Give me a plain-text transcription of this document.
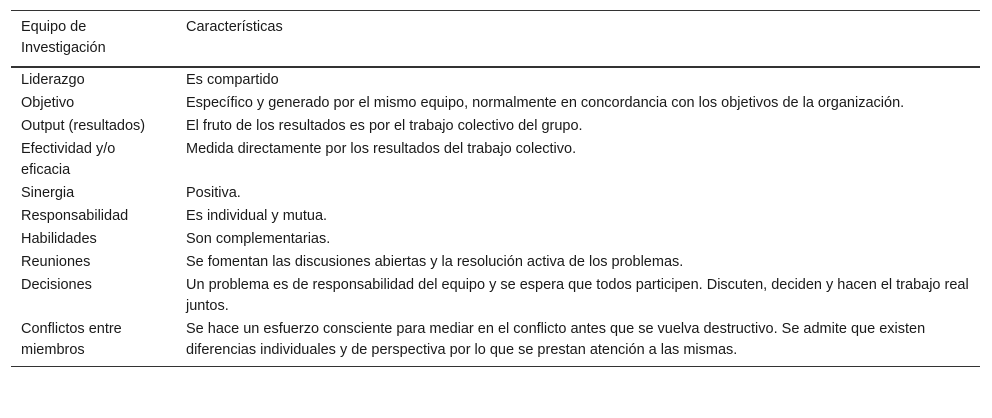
Equipo de Investigación	Características
Liderazgo	Es compartido
Objetivo	Específico y generado por el mismo equipo, normalmente en concordancia con los objetivos de la organización.
Output (resultados)	El fruto de los resultados es por el trabajo colectivo del grupo.
Efectividad y/o eficacia	Medida directamente por los resultados del trabajo colectivo.
Sinergia	Positiva.
Responsabilidad	Es individual y mutua.
Habilidades	Son complementarias.
Reuniones	Se fomentan las discusiones abiertas y la resolución activa de los problemas.
Decisiones	Un problema es de responsabilidad del equipo y se espera que todos participen. Discuten, deciden y hacen el trabajo real juntos.
Conflictos entre miembros	Se hace un esfuerzo consciente para mediar en el conflicto antes que se vuelva destructivo. Se admite que existen diferencias individuales y de perspectiva por lo que se prestan atención a las mismas.
